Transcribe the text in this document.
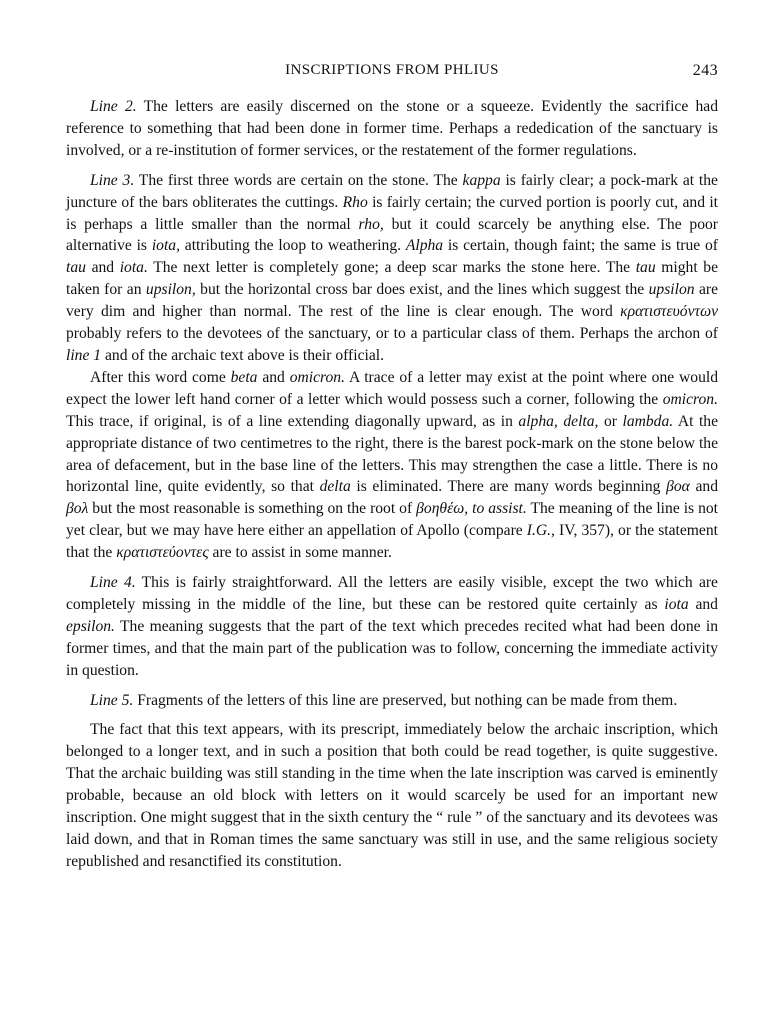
INSCRIPTIONS FROM PHLIUS	243

Line 2. The letters are easily discerned on the stone or a squeeze. Evidently the sacrifice had reference to something that had been done in former time. Perhaps a rededication of the sanctuary is involved, or a re-institution of former services, or the restatement of the former regulations.

Line 3. The first three words are certain on the stone. The kappa is fairly clear; a pock-mark at the juncture of the bars obliterates the cuttings. Rho is fairly certain; the curved portion is poorly cut, and it is perhaps a little smaller than the normal rho, but it could scarcely be anything else. The poor alternative is iota, attributing the loop to weathering. Alpha is certain, though faint; the same is true of tau and iota. The next letter is completely gone; a deep scar marks the stone here. The tau might be taken for an upsilon, but the horizontal cross bar does exist, and the lines which suggest the upsilon are very dim and higher than normal. The rest of the line is clear enough. The word κρατιστευόντων probably refers to the devotees of the sanctuary, or to a particular class of them. Perhaps the archon of line 1 and of the archaic text above is their official.

After this word come beta and omicron. A trace of a letter may exist at the point where one would expect the lower left hand corner of a letter which would possess such a corner, following the omicron. This trace, if original, is of a line extending diagonally upward, as in alpha, delta, or lambda. At the appropriate distance of two centimetres to the right, there is the barest pock-mark on the stone below the area of defacement, but in the base line of the letters. This may strengthen the case a little. There is no horizontal line, quite evidently, so that delta is eliminated. There are many words beginning βοα and βολ but the most reasonable is something on the root of βοηθέω, to assist. The meaning of the line is not yet clear, but we may have here either an appellation of Apollo (compare I.G., IV, 357), or the statement that the κρατιστεύοντες are to assist in some manner.

Line 4. This is fairly straightforward. All the letters are easily visible, except the two which are completely missing in the middle of the line, but these can be restored quite certainly as iota and epsilon. The meaning suggests that the part of the text which precedes recited what had been done in former times, and that the main part of the publication was to follow, concerning the immediate activity in question.

Line 5. Fragments of the letters of this line are preserved, but nothing can be made from them.

The fact that this text appears, with its prescript, immediately below the archaic inscription, which belonged to a longer text, and in such a position that both could be read together, is quite suggestive. That the archaic building was still standing in the time when the late inscription was carved is eminently probable, because an old block with letters on it would scarcely be used for an important new inscription. One might suggest that in the sixth century the “ rule ” of the sanctuary and its devotees was laid down, and that in Roman times the same sanctuary was still in use, and the same religious society republished and resanctified its constitution.
